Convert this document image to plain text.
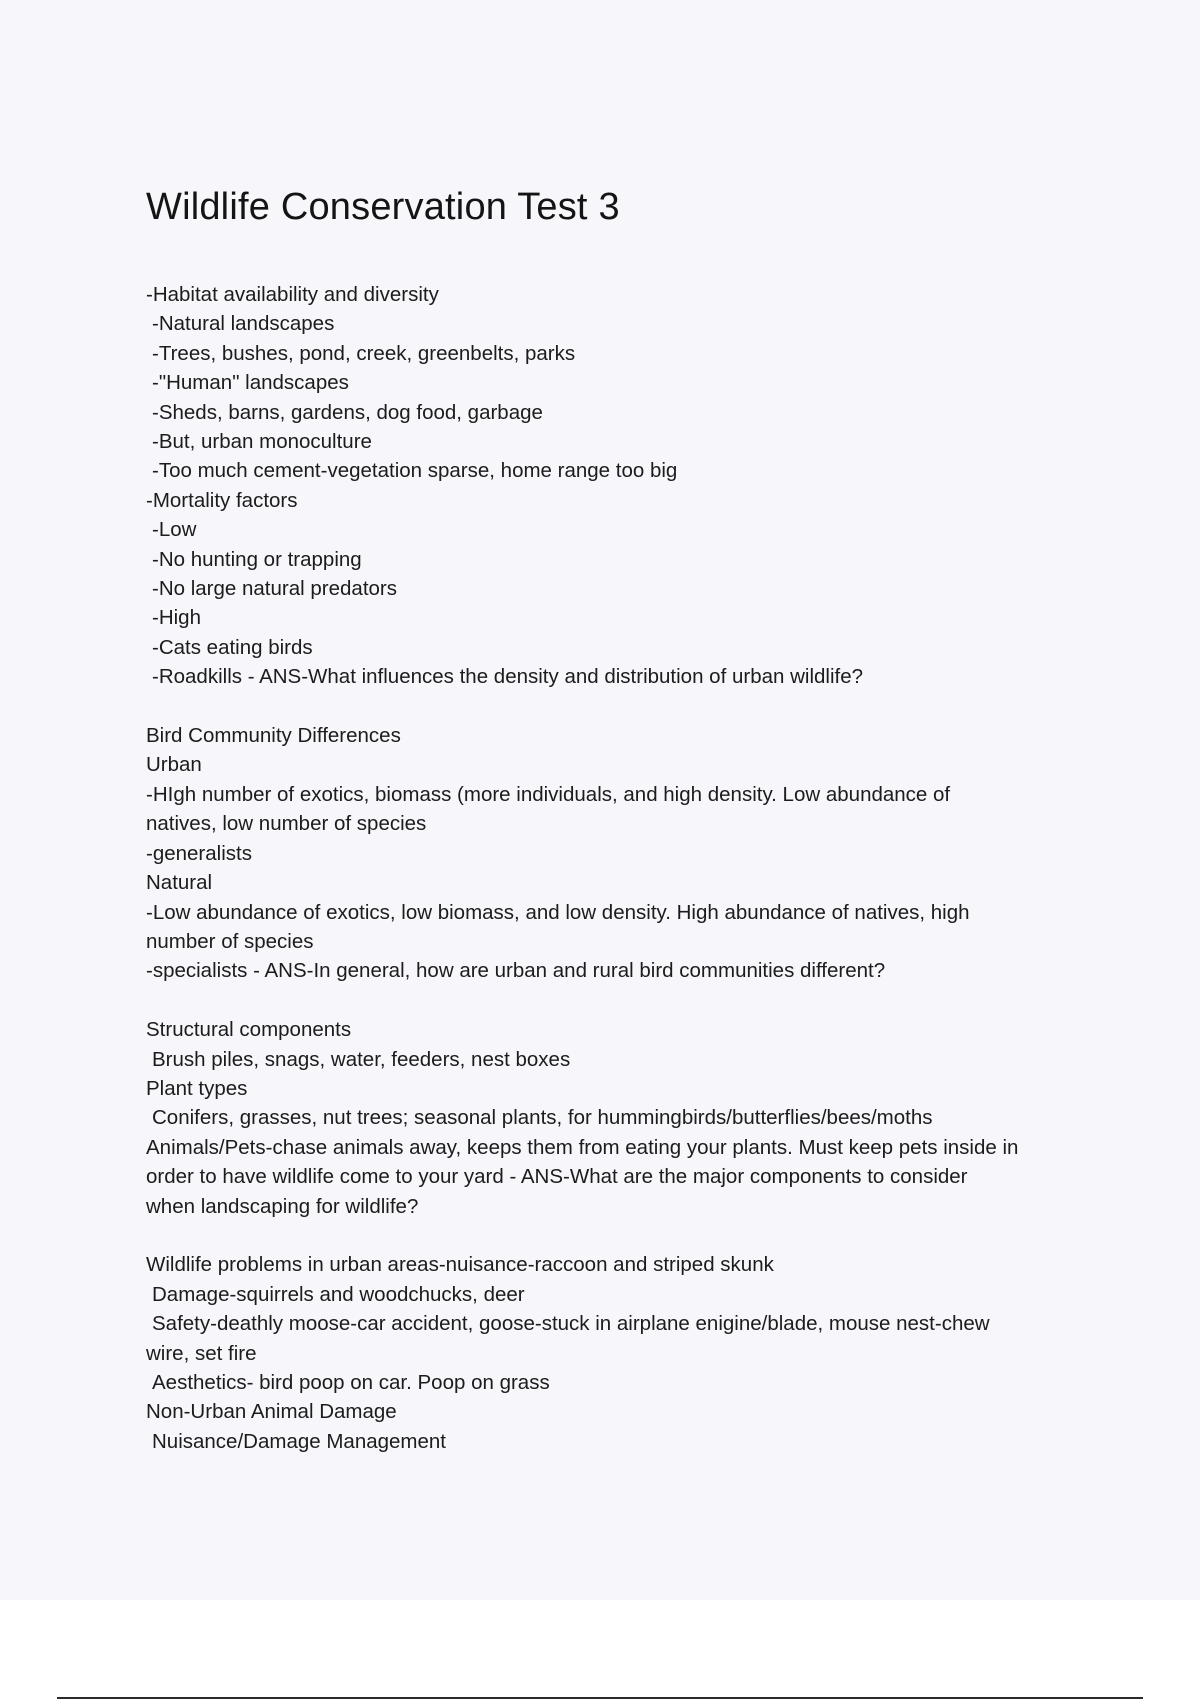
Wildlife Conservation Test 3

-Habitat availability and diversity

-Natural landscapes

-Trees, bushes, pond, creek, greenbelts, parks

-"Human" landscapes

-Sheds, barns, gardens, dog food, garbage

-But, urban monoculture

-Too much cement-vegetation sparse, home range too big

-Mortality factors

-Low

-No hunting or trapping

-No large natural predators

-High

-Cats eating birds

-Roadkills - ANS-What influences the density and distribution of urban wildlife?

Bird Community Differences

Urban

-HIgh number of exotics, biomass (more individuals, and high density. Low abundance of

natives, low number of species

-generalists

Natural

-Low abundance of exotics, low biomass, and low density. High abundance of natives, high

number of species

-specialists - ANS-In general, how are urban and rural bird communities different?

Structural components

Brush piles, snags, water, feeders, nest boxes

Plant types

Conifers, grasses, nut trees; seasonal plants, for hummingbirds/butterflies/bees/moths

Animals/Pets-chase animals away, keeps them from eating your plants. Must keep pets inside in

order to have wildlife come to your yard - ANS-What are the major components to consider

when landscaping for wildlife?

Wildlife problems in urban areas-nuisance-raccoon and striped skunk

Damage-squirrels and woodchucks, deer

Safety-deathly moose-car accident, goose-stuck in airplane enigine/blade, mouse nest-chew

wire, set fire

Aesthetics- bird poop on car. Poop on grass

Non-Urban Animal Damage

Nuisance/Damage Management
